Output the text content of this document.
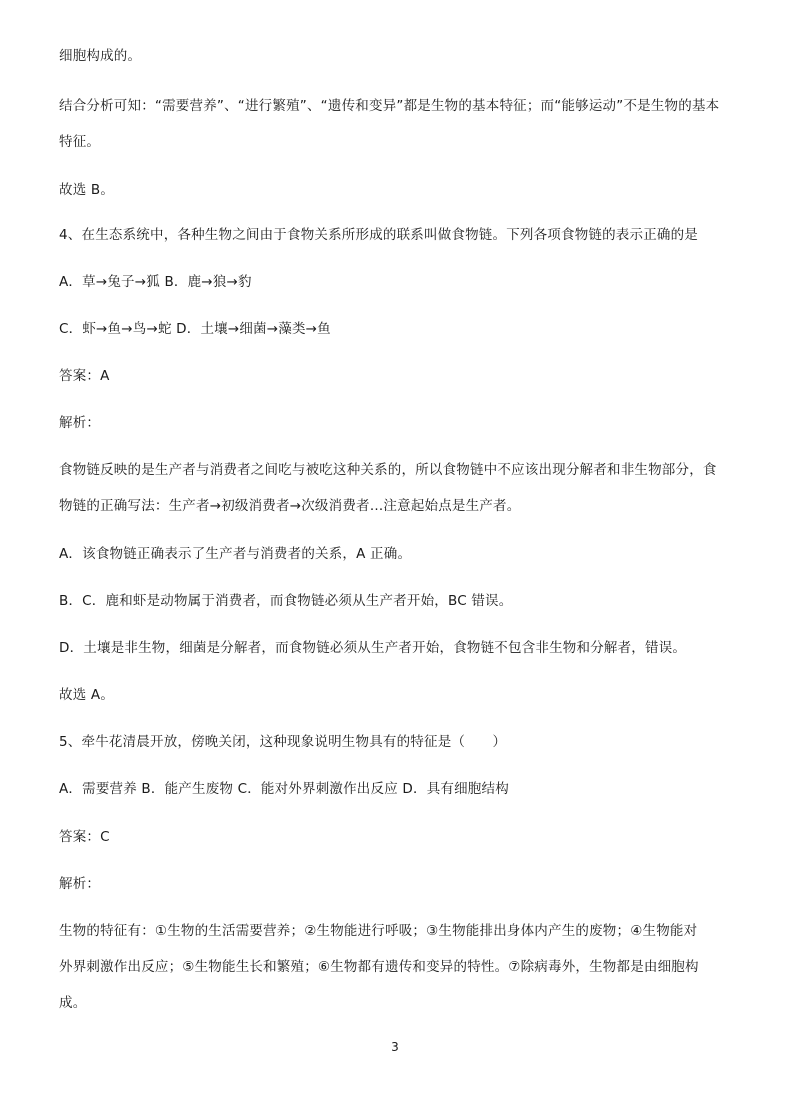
细胞构成的。
结合分析可知：“需要营养”、“进行繁殖”、“遗传和变异”都是生物的基本特征；而“能够运动”不是生物的基本
特征。
故选 B。
4、在生态系统中，各种生物之间由于食物关系所形成的联系叫做食物链。下列各项食物链的表示正确的是
A．草→兔子→狐 B．鹿→狼→豹
C．虾→鱼→鸟→蛇 D．土壤→细菌→藻类→鱼
答案：A
解析：
食物链反映的是生产者与消费者之间吃与被吃这种关系的，所以食物链中不应该出现分解者和非生物部分，食
物链的正确写法：生产者→初级消费者→次级消费者…注意起始点是生产者。
A．该食物链正确表示了生产者与消费者的关系，A 正确。
B．C．鹿和虾是动物属于消费者，而食物链必须从生产者开始，BC 错误。
D．土壤是非生物，细菌是分解者，而食物链必须从生产者开始，食物链不包含非生物和分解者，错误。
故选 A。
5、牵牛花清晨开放，傍晚关闭，这种现象说明生物具有的特征是（　　）
A．需要营养 B．能产生废物 C．能对外界刺激作出反应 D．具有细胞结构
答案：C
解析：
生物的特征有：①生物的生活需要营养；②生物能进行呼吸；③生物能排出身体内产生的废物；④生物能对
外界刺激作出反应；⑤生物能生长和繁殖；⑥生物都有遗传和变异的特性。⑦除病毒外，生物都是由细胞构
成。
3
